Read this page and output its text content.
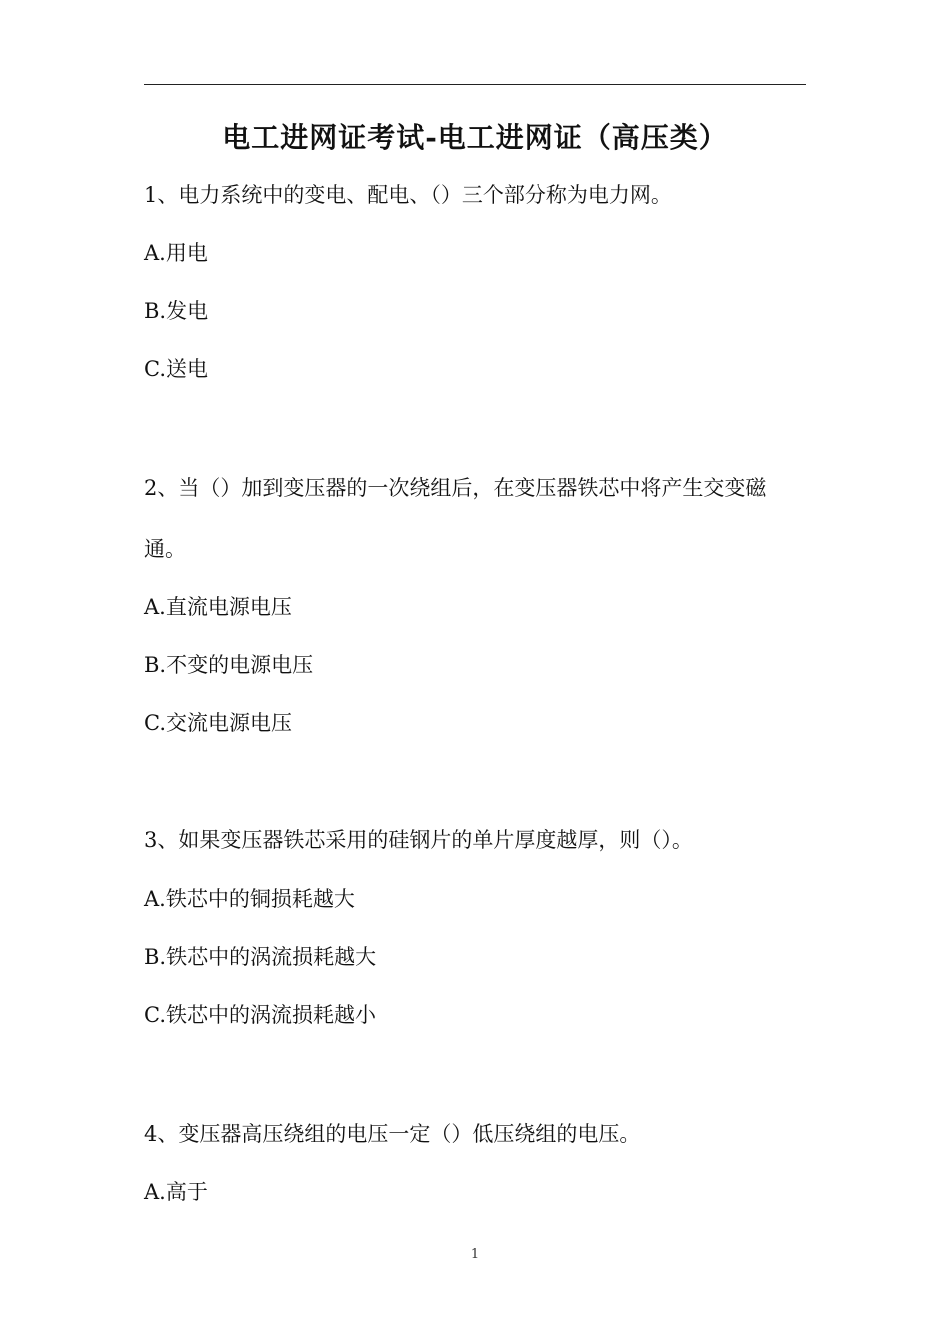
电工进网证考试-电工进网证（高压类）
1、电力系统中的变电、配电、（）三个部分称为电力网。
A.用电
B.发电
C.送电
2、当（）加到变压器的一次绕组后，在变压器铁芯中将产生交变磁
通。
A.直流电源电压
B.不变的电源电压
C.交流电源电压
3、如果变压器铁芯采用的硅钢片的单片厚度越厚，则（）。
A.铁芯中的铜损耗越大
B.铁芯中的涡流损耗越大
C.铁芯中的涡流损耗越小
4、变压器高压绕组的电压一定（）低压绕组的电压。
A.高于
1
